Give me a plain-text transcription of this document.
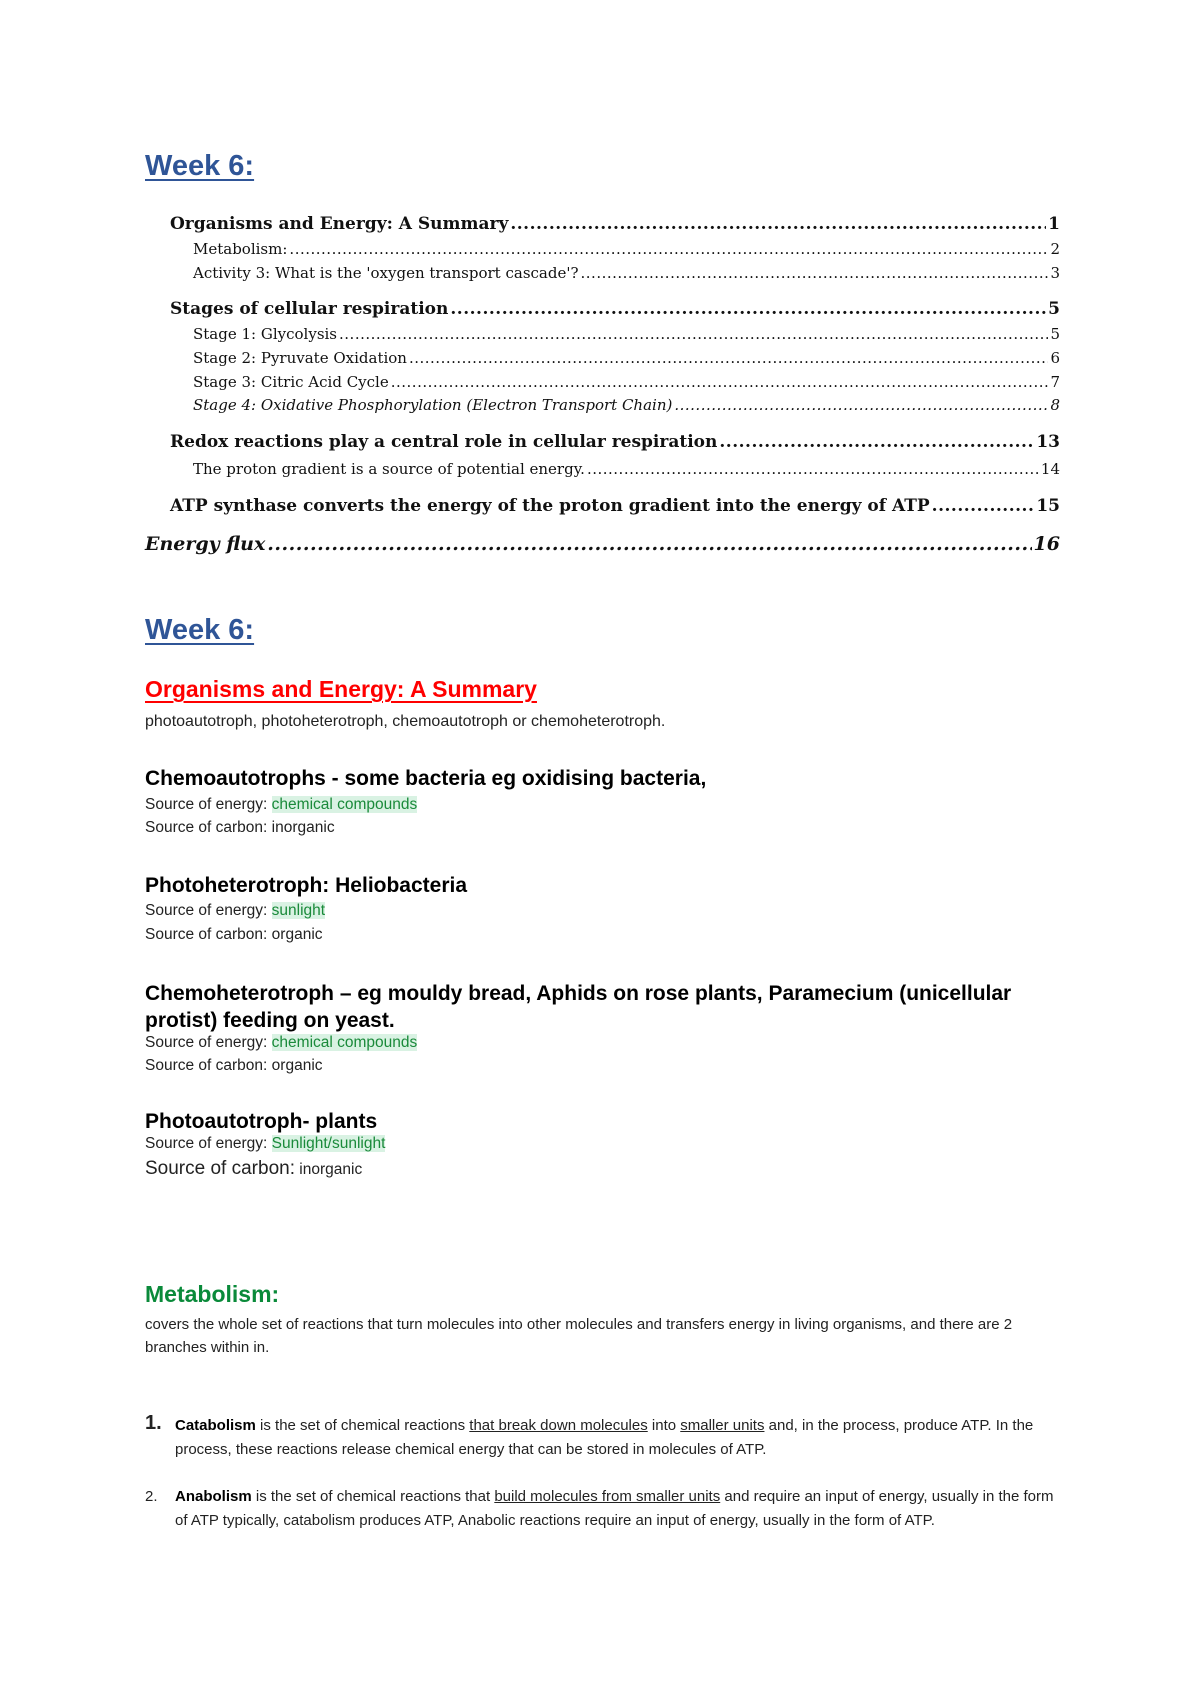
Week 6:
Organisms and Energy: A Summary .....	1
Metabolism: .....	2
Activity 3: What is the 'oxygen transport cascade'? .....	3
Stages of cellular respiration .....	5
Stage 1: Glycolysis .....	5
Stage 2: Pyruvate Oxidation .....	6
Stage 3: Citric Acid Cycle .....	7
Stage 4: Oxidative Phosphorylation (Electron Transport Chain) .....	8
Redox reactions play a central role in cellular respiration .....	13
The proton gradient is a source of potential energy. .....	14
ATP synthase converts the energy of the proton gradient into the energy of ATP .....	15
Energy flux .....	16
Week 6:
Organisms and Energy: A Summary
photoautotroph, photoheterotroph, chemoautotroph or chemoheterotroph.
Chemoautotrophs - some bacteria eg oxidising bacteria,
Source of energy: chemical compounds
Source of carbon: inorganic
Photoheterotroph: Heliobacteria
Source of energy: sunlight
Source of carbon: organic
Chemoheterotroph – eg mouldy bread, Aphids on rose plants, Paramecium (unicellular protist) feeding on yeast.
Source of energy: chemical compounds
Source of carbon: organic
Photoautotroph- plants
Source of energy: Sunlight/sunlight
Source of carbon: inorganic
Metabolism:
covers the whole set of reactions that turn molecules into other molecules and transfers energy in living organisms, and there are 2 branches within in.
1. Catabolism is the set of chemical reactions that break down molecules into smaller units and, in the process, produce ATP. In the process, these reactions release chemical energy that can be stored in molecules of ATP.
2. Anabolism is the set of chemical reactions that build molecules from smaller units and require an input of energy, usually in the form of ATP typically, catabolism produces ATP, Anabolic reactions require an input of energy, usually in the form of ATP.
